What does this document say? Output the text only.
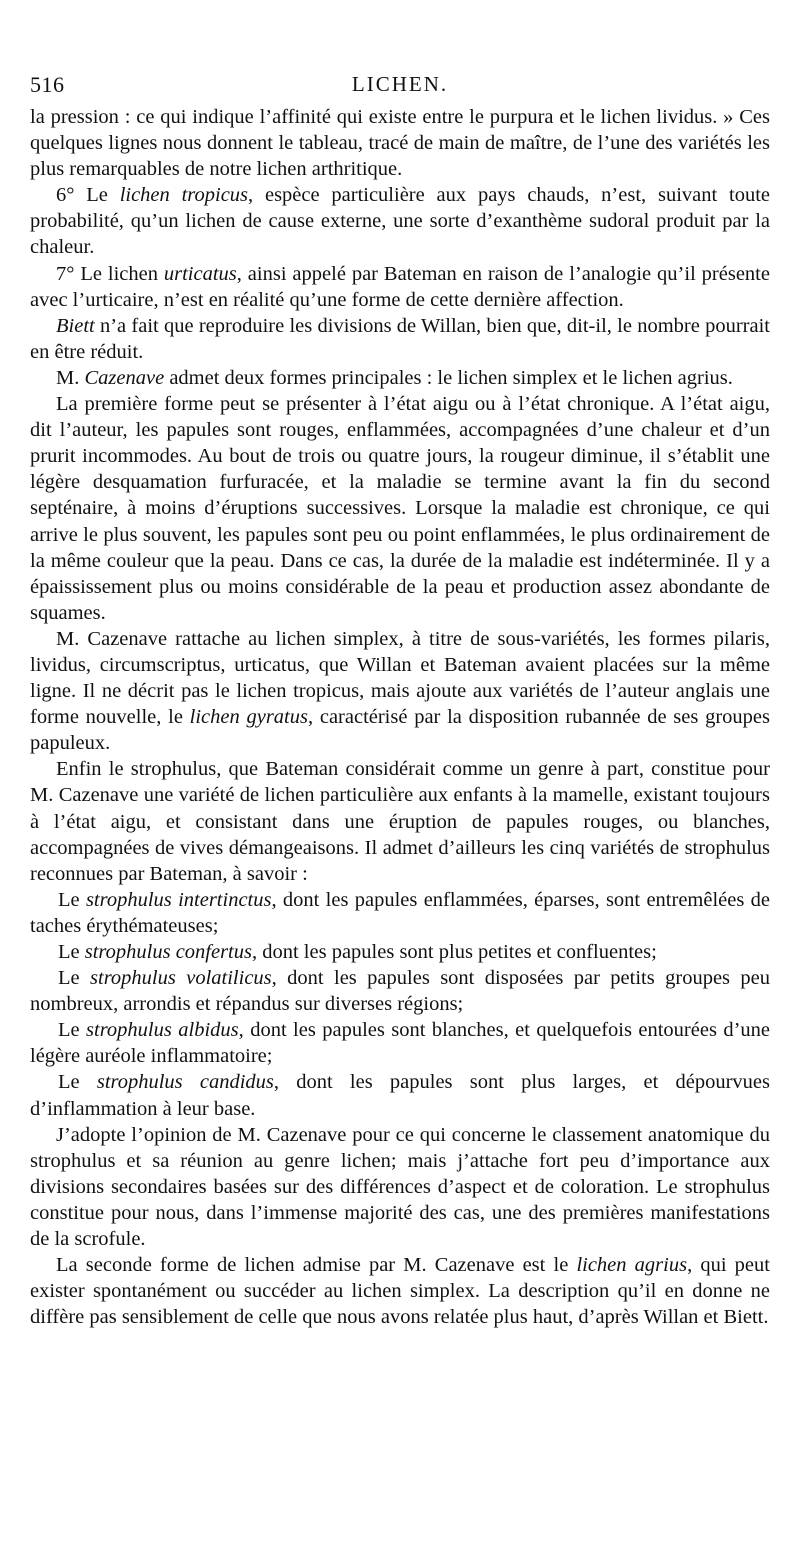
516	LICHEN.

la pression : ce qui indique l’affinité qui existe entre le purpura et le lichen lividus. » Ces quelques lignes nous donnent le tableau, tracé de main de maître, de l’une des variétés les plus remarquables de notre lichen arthritique.

6° Le lichen tropicus, espèce particulière aux pays chauds, n’est, suivant toute probabilité, qu’un lichen de cause externe, une sorte d’exanthème sudoral produit par la chaleur.

7° Le lichen urticatus, ainsi appelé par Bateman en raison de l’analogie qu’il présente avec l’urticaire, n’est en réalité qu’une forme de cette dernière affection.

Biett n’a fait que reproduire les divisions de Willan, bien que, dit-il, le nombre pourrait en être réduit.

M. Cazenave admet deux formes principales : le lichen simplex et le lichen agrius.

La première forme peut se présenter à l’état aigu ou à l’état chronique. A l’état aigu, dit l’auteur, les papules sont rouges, enflammées, accompagnées d’une chaleur et d’un prurit incommodes. Au bout de trois ou quatre jours, la rougeur diminue, il s’établit une légère desquamation furfuracée, et la maladie se termine avant la fin du second septénaire, à moins d’éruptions successives. Lorsque la maladie est chronique, ce qui arrive le plus souvent, les papules sont peu ou point enflammées, le plus ordinairement de la même couleur que la peau. Dans ce cas, la durée de la maladie est indéterminée. Il y a épaississement plus ou moins considérable de la peau et production assez abondante de squames.

M. Cazenave rattache au lichen simplex, à titre de sous-variétés, les formes pilaris, lividus, circumscriptus, urticatus, que Willan et Bateman avaient placées sur la même ligne. Il ne décrit pas le lichen tropicus, mais ajoute aux variétés de l’auteur anglais une forme nouvelle, le lichen gyratus, caractérisé par la disposition rubannée de ses groupes papuleux.

Enfin le strophulus, que Bateman considérait comme un genre à part, constitue pour M. Cazenave une variété de lichen particulière aux enfants à la mamelle, existant toujours à l’état aigu, et consistant dans une éruption de papules rouges, ou blanches, accompagnées de vives démangeaisons. Il admet d’ailleurs les cinq variétés de strophulus reconnues par Bateman, à savoir :

Le strophulus intertinctus, dont les papules enflammées, éparses, sont entremêlées de taches érythémateuses;

Le strophulus confertus, dont les papules sont plus petites et confluentes;

Le strophulus volatilicus, dont les papules sont disposées par petits groupes peu nombreux, arrondis et répandus sur diverses régions;

Le strophulus albidus, dont les papules sont blanches, et quelquefois entourées d’une légère auréole inflammatoire;

Le strophulus candidus, dont les papules sont plus larges, et dépourvues d’inflammation à leur base.

J’adopte l’opinion de M. Cazenave pour ce qui concerne le classement anatomique du strophulus et sa réunion au genre lichen; mais j’attache fort peu d’importance aux divisions secondaires basées sur des différences d’aspect et de coloration. Le strophulus constitue pour nous, dans l’immense majorité des cas, une des premières manifestations de la scrofule.

La seconde forme de lichen admise par M. Cazenave est le lichen agrius, qui peut exister spontanément ou succéder au lichen simplex. La description qu’il en donne ne diffère pas sensiblement de celle que nous avons relatée plus haut, d’après Willan et Biett.
